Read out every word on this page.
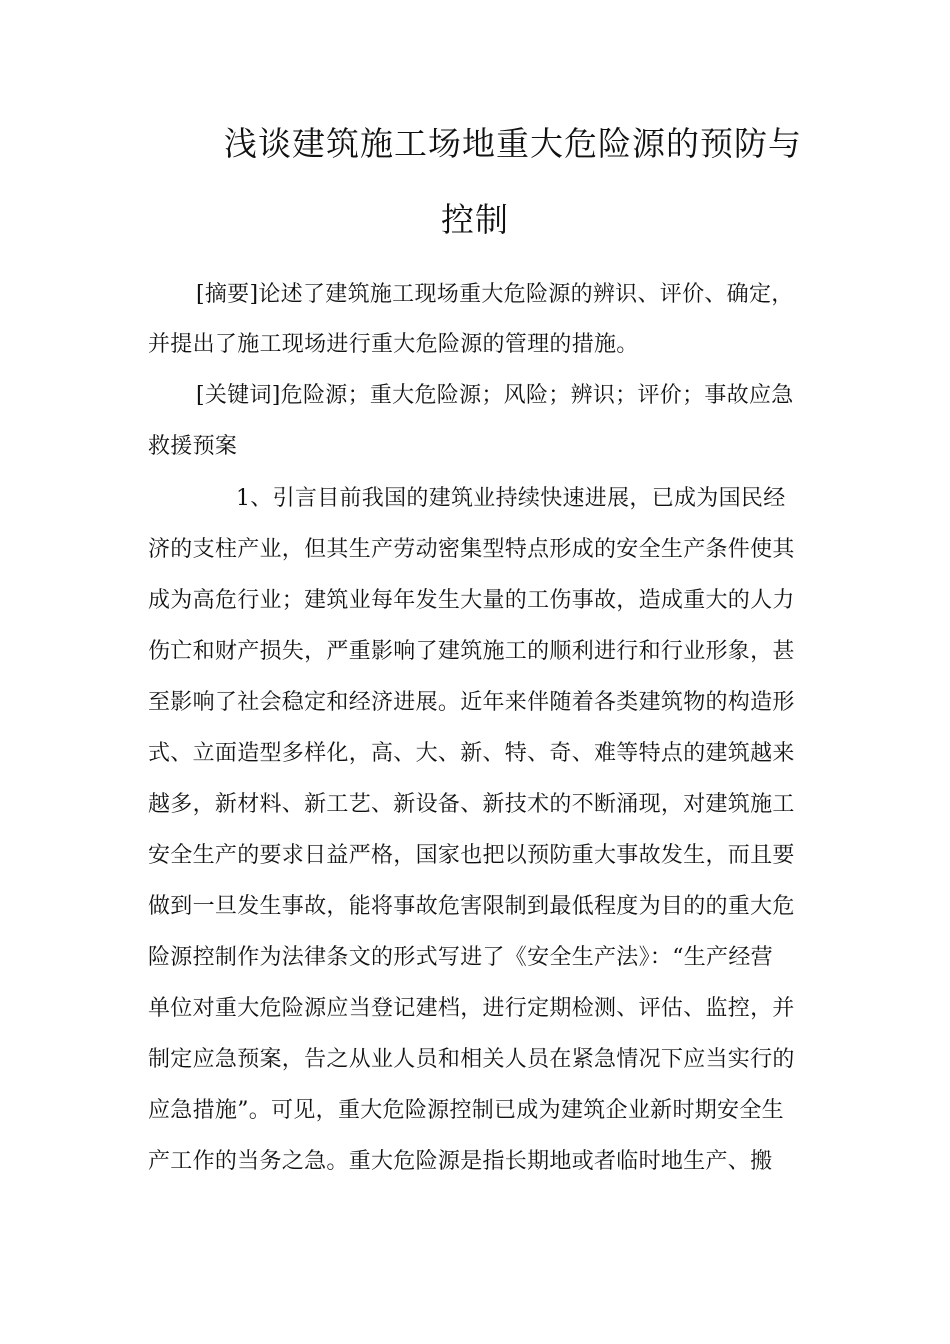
浅谈建筑施工场地重大危险源的预防与
控制
[摘要]论述了建筑施工现场重大危险源的辨识、评价、确定，
并提出了施工现场进行重大危险源的管理的措施。
[关键词]危险源；重大危险源；风险；辨识；评价；事故应急
救援预案
1、引言目前我国的建筑业持续快速进展，已成为国民经
济的支柱产业，但其生产劳动密集型特点形成的安全生产条件使其
成为高危行业；建筑业每年发生大量的工伤事故，造成重大的人力
伤亡和财产损失，严重影响了建筑施工的顺利进行和行业形象，甚
至影响了社会稳定和经济进展。近年来伴随着各类建筑物的构造形
式、立面造型多样化，高、大、新、特、奇、难等特点的建筑越来
越多，新材料、新工艺、新设备、新技术的不断涌现，对建筑施工
安全生产的要求日益严格，国家也把以预防重大事故发生，而且要
做到一旦发生事故，能将事故危害限制到最低程度为目的的重大危
险源控制作为法律条文的形式写进了《安全生产法》：“生产经营
单位对重大危险源应当登记建档，进行定期检测、评估、监控，并
制定应急预案，告之从业人员和相关人员在紧急情况下应当实行的
应急措施”。可见，重大危险源控制已成为建筑企业新时期安全生
产工作的当务之急。重大危险源是指长期地或者临时地生产、搬
